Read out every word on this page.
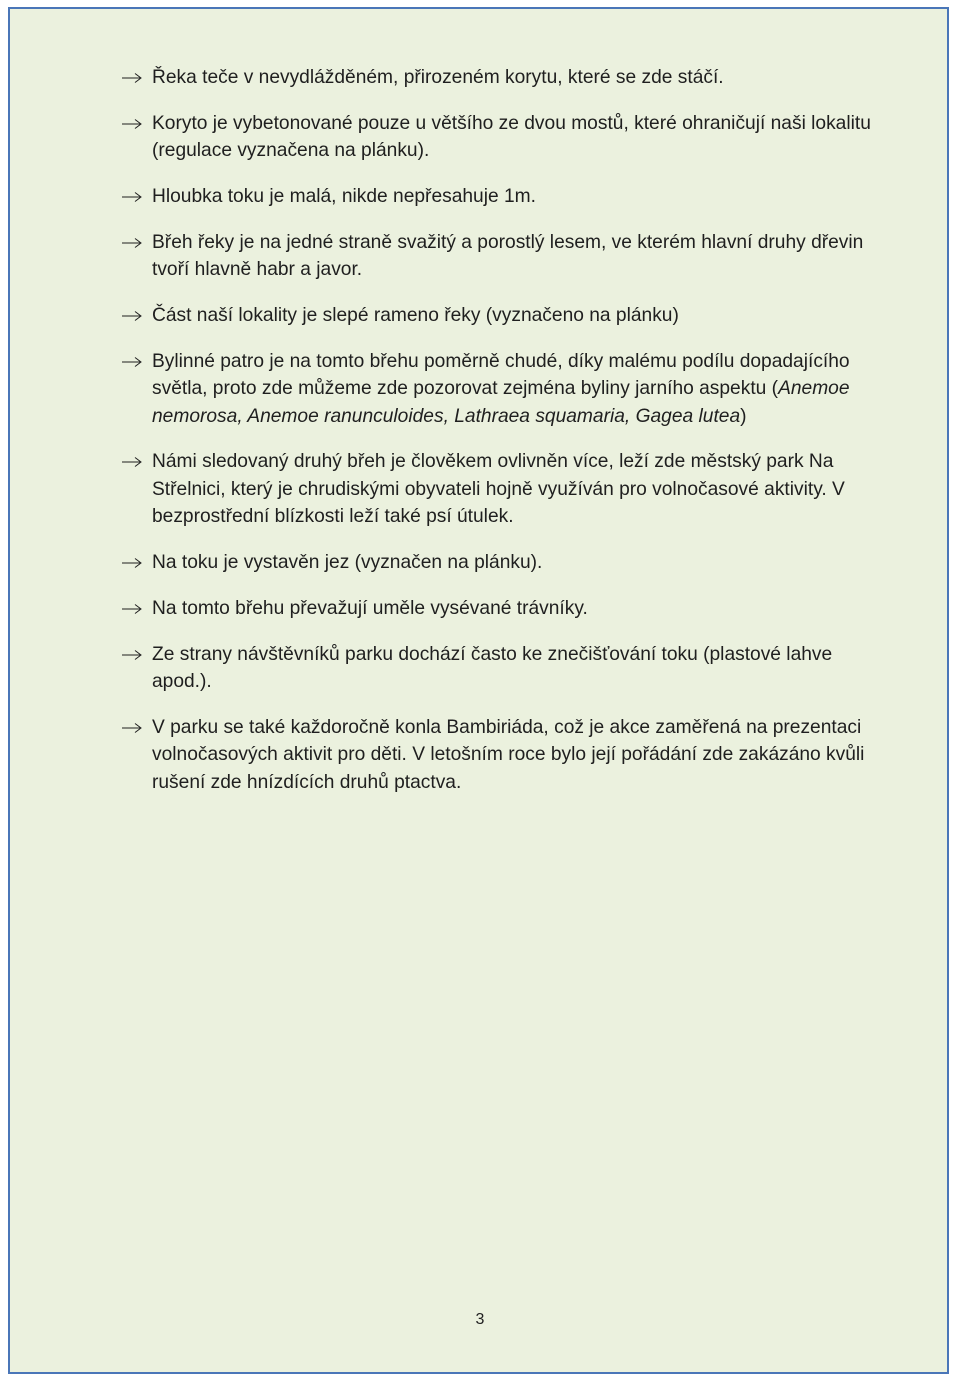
Řeka teče v nevydlážděném, přirozeném korytu, které se zde stáčí.
Koryto je vybetonované pouze u většího ze dvou mostů, které ohraničují naši lokalitu (regulace vyznačena na plánku).
Hloubka toku je malá, nikde nepřesahuje 1m.
Břeh řeky je na jedné straně svažitý a porostlý lesem, ve kterém hlavní druhy dřevin tvoří hlavně habr a javor.
Část naší lokality je slepé rameno řeky (vyznačeno na plánku)
Bylinné patro je na tomto břehu poměrně chudé, díky malému podílu dopadajícího světla, proto zde můžeme zde pozorovat zejména byliny jarního aspektu (Anemoe nemorosa, Anemoe ranunculoides, Lathraea squamaria, Gagea lutea)
Námi sledovaný druhý břeh je člověkem ovlivněn více, leží zde městský park Na Střelnici, který je chrudiskými obyvateli hojně využíván pro volnočasové aktivity. V bezprostřední blízkosti leží také psí útulek.
Na toku je vystavěn jez (vyznačen na plánku).
Na tomto břehu převažují uměle vysévané trávníky.
Ze strany návštěvníků parku dochází často ke znečišťování toku (plastové lahve apod.).
V parku se také každoročně konla Bambiriáda, což je akce zaměřená na prezentaci volnočasových aktivit pro děti. V letošním roce bylo její pořádání zde zakázáno kvůli rušení zde hnízdících druhů ptactva.
3
